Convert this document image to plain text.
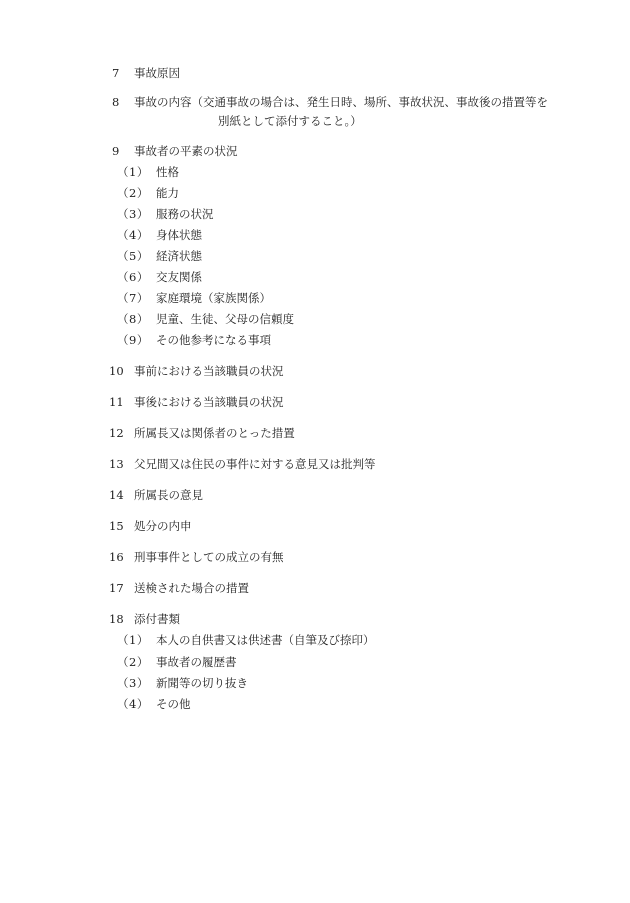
7 事故原因
8 事故の内容（交通事故の場合は、発生日時、場所、事故状況、事故後の措置等を
別紙として添付すること。）
9 事故者の平素の状況
（1） 性格
（2） 能力
（3） 服務の状況
（4） 身体状態
（5） 経済状態
（6） 交友関係
（7） 家庭環境（家族関係）
（8） 児童、生徒、父母の信頼度
（9） その他参考になる事項
10 事前における当該職員の状況
11 事後における当該職員の状況
12 所属長又は関係者のとった措置
13 父兄間又は住民の事件に対する意見又は批判等
14 所属長の意見
15 処分の内申
16 刑事事件としての成立の有無
17 送検された場合の措置
18 添付書類
（1） 本人の自供書又は供述書（自筆及び捺印）
（2） 事故者の履歴書
（3） 新聞等の切り抜き
（4） その他
